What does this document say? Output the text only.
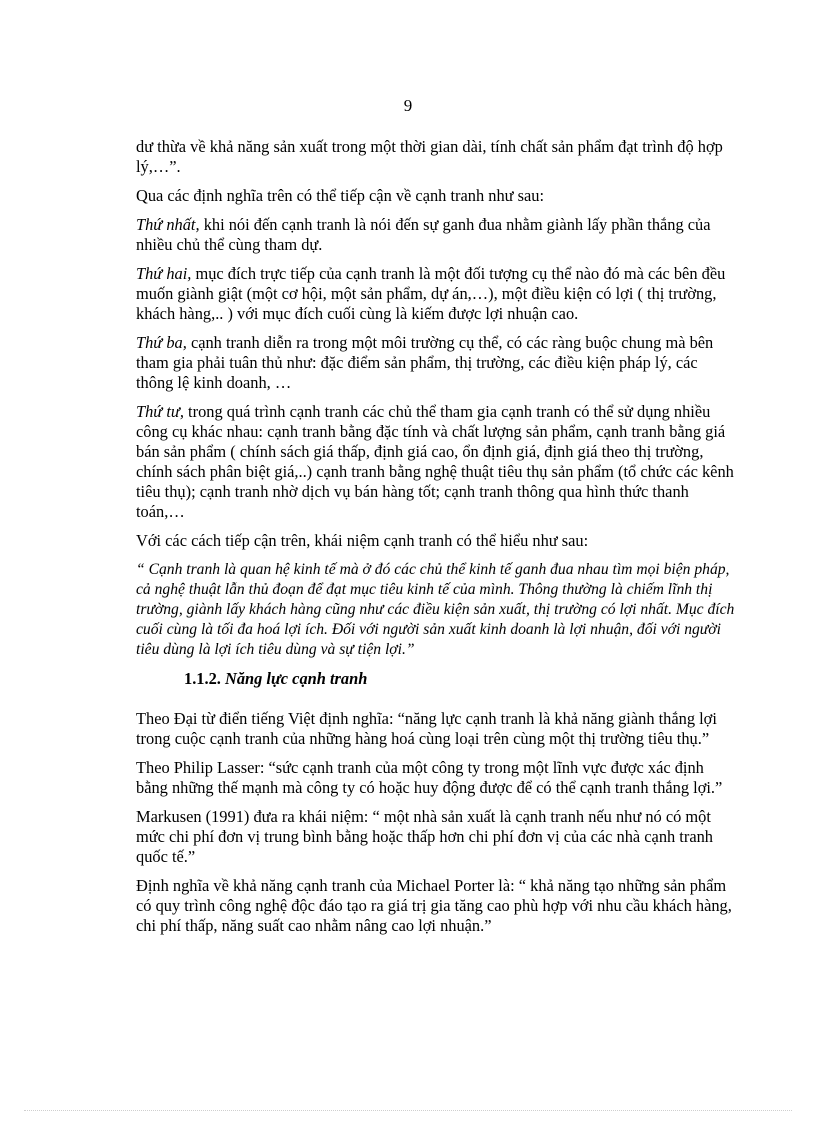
9

dư thừa về khả năng sản xuất trong một thời gian dài, tính chất sản phẩm đạt trình độ hợp lý,…”.

Qua các định nghĩa trên có thể tiếp cận về cạnh tranh như sau:

Thứ nhất, khi nói đến cạnh tranh là nói đến sự ganh đua nhằm giành lấy phần thắng của nhiều chủ thể cùng tham dự.

Thứ hai, mục đích trực tiếp của cạnh tranh là một đối tượng cụ thể nào đó mà các bên đều muốn giành giật (một cơ hội, một sản phẩm, dự án,…), một điều kiện có lợi ( thị trường, khách hàng,.. ) với mục đích cuối cùng là kiếm được lợi nhuận cao.

Thứ ba, cạnh tranh diễn ra trong một môi trường cụ thể, có các ràng buộc chung mà bên tham gia phải tuân thủ như: đặc điểm sản phẩm, thị trường, các điều kiện pháp lý, các thông lệ kinh doanh, …

Thứ tư, trong quá trình cạnh tranh các chủ thể tham gia cạnh tranh có thể sử dụng nhiều công cụ khác nhau: cạnh tranh bằng đặc tính và chất lượng sản phẩm, cạnh tranh bằng giá bán sản phẩm ( chính sách giá thấp, định giá cao, ổn định giá, định giá theo thị trường, chính sách phân biệt giá,..) cạnh tranh bằng nghệ thuật tiêu thụ sản phẩm (tổ chức các kênh tiêu thụ); cạnh tranh nhờ dịch vụ bán hàng tốt; cạnh tranh thông qua hình thức thanh toán,…

Với các cách tiếp cận trên, khái niệm cạnh tranh có thể hiểu như sau:

“ Cạnh tranh là quan hệ kinh tế mà ở đó các chủ thể kinh tế ganh đua nhau tìm mọi biện pháp, cả nghệ thuật lẫn thủ đoạn để đạt mục tiêu kinh tế của mình. Thông thường là chiếm lĩnh thị trường, giành lấy khách hàng cũng như các điều kiện sản xuất, thị trường có lợi nhất. Mục đích cuối cùng là tối đa hoá lợi ích. Đối với người sản xuất kinh doanh là lợi nhuận, đối với người tiêu dùng là lợi ích tiêu dùng và sự tiện lợi.”

1.1.2. Năng lực cạnh tranh

Theo Đại từ điển tiếng Việt định nghĩa: “năng lực cạnh tranh là khả năng giành thắng lợi trong cuộc cạnh tranh của những hàng hoá cùng loại trên cùng một thị trường tiêu thụ.”

Theo Philip Lasser: “sức cạnh tranh của một công ty trong một lĩnh vực được xác định bằng những thế mạnh mà công ty có hoặc huy động được để có thể cạnh tranh thắng lợi.”

Markusen (1991) đưa ra khái niệm: “ một nhà sản xuất là cạnh tranh nếu như nó có một mức chi phí đơn vị trung bình bằng hoặc thấp hơn chi phí đơn vị của các nhà cạnh tranh quốc tế.”

Định nghĩa về khả năng cạnh tranh của Michael Porter là: “ khả năng tạo những sản phẩm có quy trình công nghệ độc đáo tạo ra giá trị gia tăng cao phù hợp với nhu cầu khách hàng, chi phí thấp, năng suất cao nhằm nâng cao lợi nhuận.”
